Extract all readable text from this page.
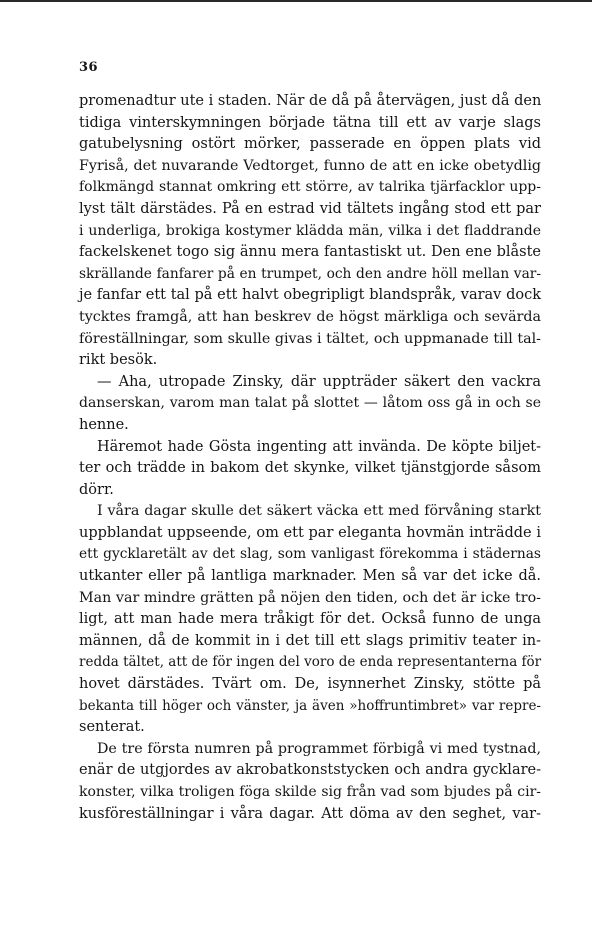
36
promenadtur ute i staden. När de då på återvägen, just då den
tidiga vinterskymningen började tätna till ett av varje slags
gatubelysning ostört mörker, passerade en öppen plats vid
Fyriså, det nuvarande Vedtorget, funno de att en icke obetydlig
folkmängd stannat omkring ett större, av talrika tjärfacklor upp-
lyst tält därstädes. På en estrad vid tältets ingång stod ett par
i underliga, brokiga kostymer klädda män, vilka i det fladdrande
fackelskenet togo sig ännu mera fantastiskt ut. Den ene blåste
skrällande fanfarer på en trumpet, och den andre höll mellan var-
je fanfar ett tal på ett halvt obegripligt blandspråk, varav dock
tycktes framgå, att han beskrev de högst märkliga och sevärda
föreställningar, som skulle givas i tältet, och uppmanade till tal-
rikt besök.
— Aha, utropade Zinsky, där uppträder säkert den vackra
danserskan, varom man talat på slottet — låtom oss gå in och se
henne.
Häremot hade Gösta ingenting att invända. De köpte biljet-
ter och trädde in bakom det skynke, vilket tjänstgjorde såsom
dörr.
I våra dagar skulle det säkert väcka ett med förvåning starkt
uppblandat uppseende, om ett par eleganta hovmän inträdde i
ett gycklaretält av det slag, som vanligast förekomma i städernas
utkanter eller på lantliga marknader. Men så var det icke då.
Man var mindre grätten på nöjen den tiden, och det är icke tro-
ligt, att man hade mera tråkigt för det. Också funno de unga
männen, då de kommit in i det till ett slags primitiv teater in-
redda tältet, att de för ingen del voro de enda representanterna för
hovet därstädes. Tvärt om. De, isynnerhet Zinsky, stötte på
bekanta till höger och vänster, ja även »hoffruntimbret» var repre-
senterat.
De tre första numren på programmet förbigå vi med tystnad,
enär de utgjordes av akrobatkonststycken och andra gycklare-
konster, vilka troligen föga skilde sig från vad som bjudes på cir-
kusföreställningar i våra dagar. Att döma av den seghet, var-
